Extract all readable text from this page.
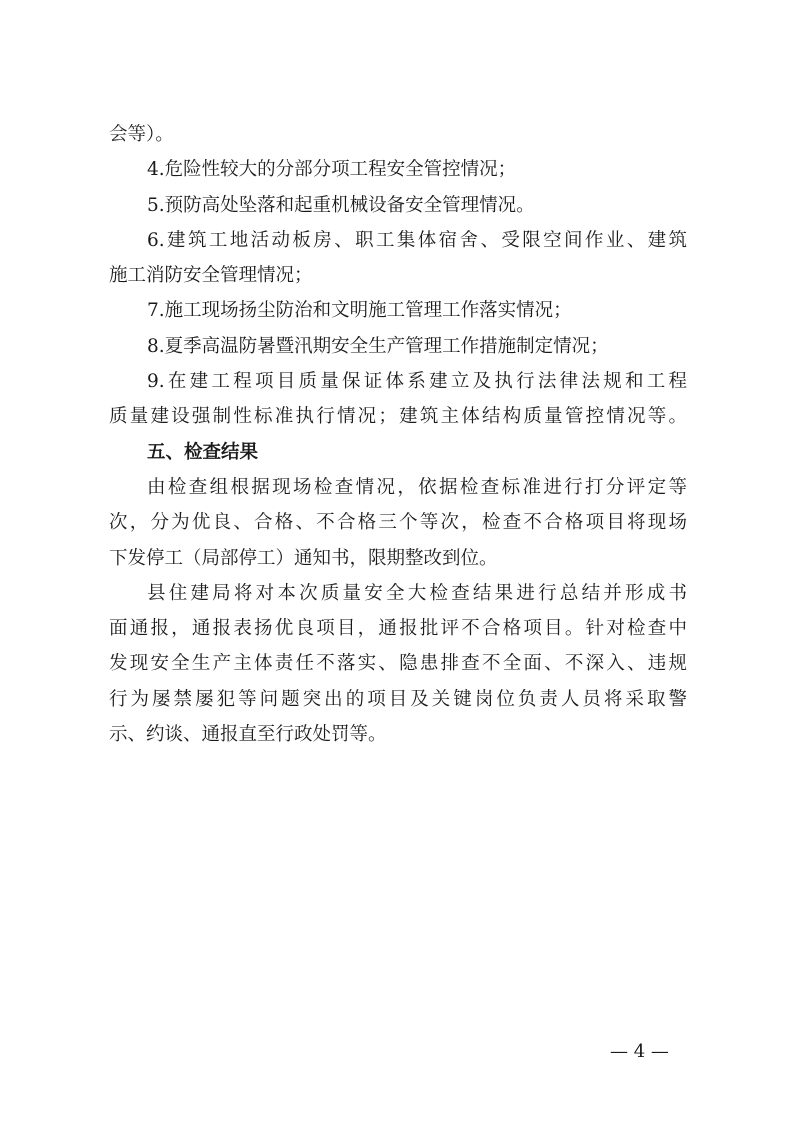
会等）。
4.危险性较大的分部分项工程安全管控情况；
5.预防高处坠落和起重机械设备安全管理情况。
6.建筑工地活动板房、职工集体宿舍、受限空间作业、建筑
施工消防安全管理情况；
7.施工现场扬尘防治和文明施工管理工作落实情况；
8.夏季高温防暑暨汛期安全生产管理工作措施制定情况；
9.在建工程项目质量保证体系建立及执行法律法规和工程
质量建设强制性标准执行情况；建筑主体结构质量管控情况等。
五、检查结果
由检查组根据现场检查情况，依据检查标准进行打分评定等
次，分为优良、合格、不合格三个等次，检查不合格项目将现场
下发停工（局部停工）通知书，限期整改到位。
县住建局将对本次质量安全大检查结果进行总结并形成书
面通报，通报表扬优良项目，通报批评不合格项目。针对检查中
发现安全生产主体责任不落实、隐患排查不全面、不深入、违规
行为屡禁屡犯等问题突出的项目及关键岗位负责人员将采取警
示、约谈、通报直至行政处罚等。
— 4 —
